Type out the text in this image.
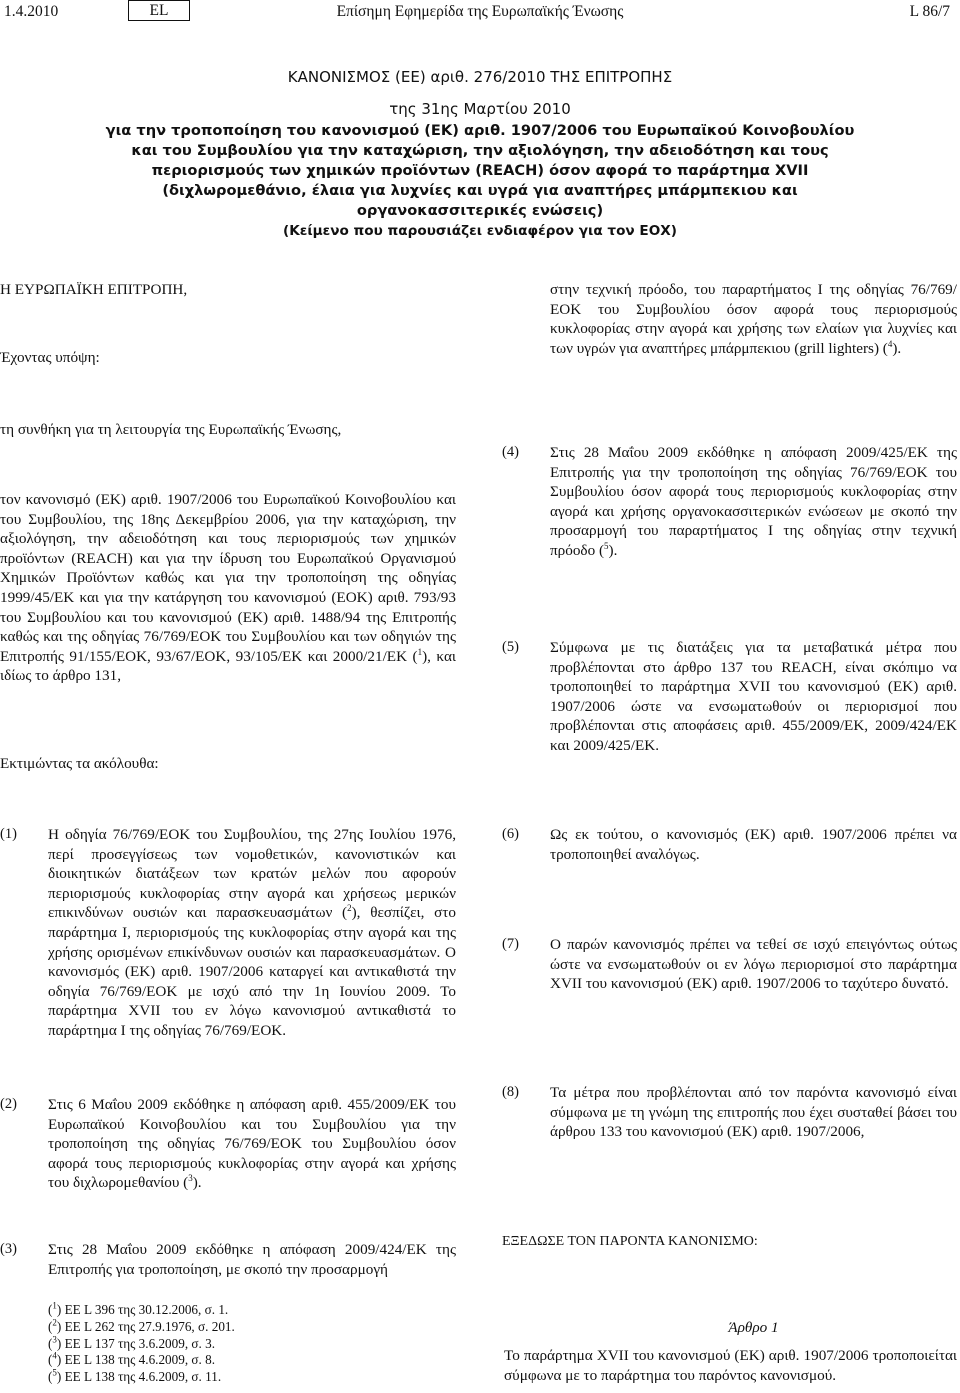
Επίσημη Εφημερίδα της Ευρωπαϊκής Ένωσης
1.4.2010	EL	L 86/7
ΚΑΝΟΝΙΣΜΟΣ (ΕΕ) αριθ. 276/2010 ΤΗΣ ΕΠΙΤΡΟΠΗΣ
της 31ης Μαρτίου 2010
για την τροποποίηση του κανονισμού (ΕΚ) αριθ. 1907/2006 του Ευρωπαϊκού Κοινοβουλίου και του Συμβουλίου για την καταχώριση, την αξιολόγηση, την αδειοδότηση και τους περιορισμούς των χημικών προϊόντων (REACH) όσον αφορά το παράρτημα XVII (διχλωρομεθάνιο, έλαια για λυχνίες και υγρά για αναπτήρες μπάρμπεκιου και οργανοκασσιτερικές ενώσεις)
(Κείμενο που παρουσιάζει ενδιαφέρον για τον ΕΟΧ)
Η ΕΥΡΩΠΑΪΚΗ ΕΠΙΤΡΟΠΗ,
Έχοντας υπόψη:
τη συνθήκη για τη λειτουργία της Ευρωπαϊκής Ένωσης,
τον κανονισμό (ΕΚ) αριθ. 1907/2006 του Ευρωπαϊκού Κοινοβουλίου και του Συμβουλίου, της 18ης Δεκεμβρίου 2006, για την καταχώριση, την αξιολόγηση, την αδειοδότηση και τους περιορισμούς των χημικών προϊόντων (REACH) και για την ίδρυση του Ευρωπαϊκού Οργανισμού Χημικών Προϊόντων καθώς και για την τροποποίηση της οδηγίας 1999/45/ΕΚ και για την κατάργηση του κανονισμού (ΕΟΚ) αριθ. 793/93 του Συμβουλίου και του κανονισμού (ΕΚ) αριθ. 1488/94 της Επιτροπής καθώς και της οδηγίας 76/769/ΕΟΚ του Συμβουλίου και των οδηγιών της Επιτροπής 91/155/ΕΟΚ, 93/67/ΕΟΚ, 93/105/ΕΚ και 2000/21/ΕΚ ($^1$), και ιδίως το άρθρο 131,
Εκτιμώντας τα ακόλουθα:
στην τεχνική πρόοδο, του παραρτήματος I της οδηγίας 76/769/ΕΟΚ του Συμβουλίου όσον αφορά τους περιορισμούς κυκλοφορίας στην αγορά και χρήσης των ελαίων για λυχνίες και των υγρών για αναπτήρες μπάρμπεκιου (grill lighters) ($^4$).
(1)	Η οδηγία 76/769/ΕΟΚ του Συμβουλίου, της 27ης Ιουλίου 1976, περί προσεγγίσεως των νομοθετικών, κανονιστικών και διοικητικών διατάξεων των κρατών μελών που αφορούν περιορισμούς κυκλοφορίας στην αγορά και χρήσεως μερικών επικινδύνων ουσιών και παρασκευασμάτων ($^2$), θεσπίζει, στο παράρτημα I, περιορισμούς της κυκλοφορίας στην αγορά και της χρήσης ορισμένων επικίνδυνων ουσιών και παρασκευασμάτων. Ο κανονισμός (ΕΚ) αριθ. 1907/2006 καταργεί και αντικαθιστά την οδηγία 76/769/ΕΟΚ με ισχύ από την 1η Ιουνίου 2009. Το παράρτημα XVII του εν λόγω κανονισμού αντικαθιστά το παράρτημα I της οδηγίας 76/769/ΕΟΚ.
(2)	Στις 6 Μαΐου 2009 εκδόθηκε η απόφαση αριθ. 455/2009/ΕΚ του Ευρωπαϊκού Κοινοβουλίου και του Συμβουλίου για την τροποποίηση της οδηγίας 76/769/ΕΟΚ του Συμβουλίου όσον αφορά τους περιορισμούς κυκλοφορίας στην αγορά και χρήσης του διχλωρομεθανίου ($^3$).
(3)	Στις 28 Μαΐου 2009 εκδόθηκε η απόφαση 2009/424/ΕΚ της Επιτροπής για τροποποίηση, με σκοπό την προσαρμογή
(4)	Στις 28 Μαΐου 2009 εκδόθηκε η απόφαση 2009/425/ΕΚ της Επιτροπής για την τροποποίηση της οδηγίας 76/769/ΕΟΚ του Συμβουλίου όσον αφορά τους περιορισμούς κυκλοφορίας στην αγορά και χρήσης οργανοκασσιτερικών ενώσεων με σκοπό την προσαρμογή του παραρτήματος I της οδηγίας στην τεχνική πρόοδο ($^5$).
(5)	Σύμφωνα με τις διατάξεις για τα μεταβατικά μέτρα που προβλέπονται στο άρθρο 137 του REACH, είναι σκόπιμο να τροποποιηθεί το παράρτημα XVII του κανονισμού (ΕΚ) αριθ. 1907/2006 ώστε να ενσωματωθούν οι περιορισμοί που προβλέπονται στις αποφάσεις αριθ. 455/2009/ΕΚ, 2009/424/ΕΚ και 2009/425/ΕΚ.
(6)	Ως εκ τούτου, ο κανονισμός (ΕΚ) αριθ. 1907/2006 πρέπει να τροποποιηθεί αναλόγως.
(7)	Ο παρών κανονισμός πρέπει να τεθεί σε ισχύ επειγόντως ούτως ώστε να ενσωματωθούν οι εν λόγω περιορισμοί στο παράρτημα XVII του κανονισμού (ΕΚ) αριθ. 1907/2006 το ταχύτερο δυνατό.
(8)	Τα μέτρα που προβλέπονται από τον παρόντα κανονισμό είναι σύμφωνα με τη γνώμη της επιτροπής που έχει συσταθεί βάσει του άρθρου 133 του κανονισμού (ΕΚ) αριθ. 1907/2006,
ΕΞΕΔΩΣΕ ΤΟΝ ΠΑΡΟΝΤΑ ΚΑΝΟΝΙΣΜΟ:
Άρθρο 1
Το παράρτημα XVII του κανονισμού (ΕΚ) αριθ. 1907/2006 τροποποιείται σύμφωνα με το παράρτημα του παρόντος κανονισμού.
($^1$) ΕΕ L 396 της 30.12.2006, σ. 1.
($^2$) ΕΕ L 262 της 27.9.1976, σ. 201.
($^3$) ΕΕ L 137 της 3.6.2009, σ. 3.
($^4$) ΕΕ L 138 της 4.6.2009, σ. 8.
($^5$) ΕΕ L 138 της 4.6.2009, σ. 11.
